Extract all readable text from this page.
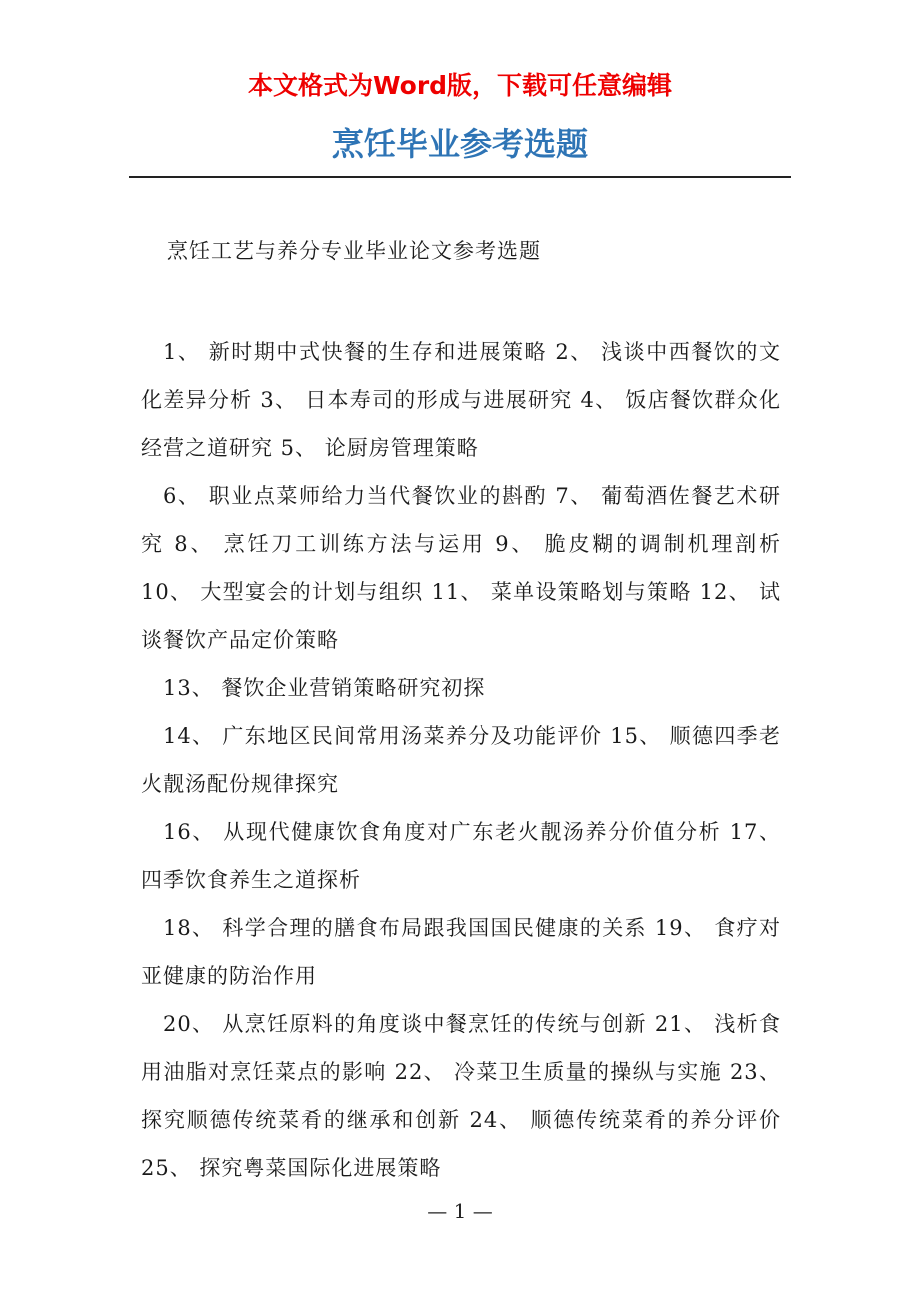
本文格式为Word版，下载可任意编辑
烹饪毕业参考选题

烹饪工艺与养分专业毕业论文参考选题

1、 新时期中式快餐的生存和进展策略 2、 浅谈中西餐饮的文化差异分析 3、 日本寿司的形成与进展研究 4、 饭店餐饮群众化经营之道研究 5、 论厨房管理策略

6、 职业点菜师给力当代餐饮业的斟酌 7、 葡萄酒佐餐艺术研究 8、 烹饪刀工训练方法与运用 9、 脆皮糊的调制机理剖析 10、 大型宴会的计划与组织 11、 菜单设策略划与策略 12、 试谈餐饮产品定价策略

13、 餐饮企业营销策略研究初探

14、 广东地区民间常用汤菜养分及功能评价 15、 顺德四季老火靓汤配份规律探究

16、 从现代健康饮食角度对广东老火靓汤养分价值分析 17、 四季饮食养生之道探析

18、 科学合理的膳食布局跟我国国民健康的关系 19、 食疗对亚健康的防治作用

20、 从烹饪原料的角度谈中餐烹饪的传统与创新 21、 浅析食用油脂对烹饪菜点的影响 22、 冷菜卫生质量的操纵与实施 23、 探究顺德传统菜肴的继承和创新 24、 顺德传统菜肴的养分评价 25、 探究粤菜国际化进展策略

— 1 —
